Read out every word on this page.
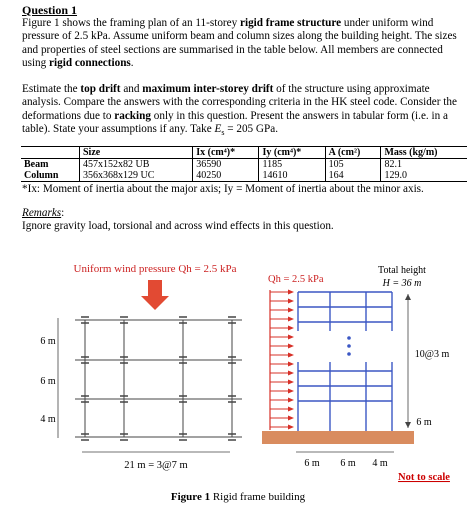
Question 1
Figure 1 shows the framing plan of an 11-storey rigid frame structure under uniform wind pressure of 2.5 kPa. Assume uniform beam and column sizes along the building height. The sizes and properties of steel sections are summarised in the table below. All members are connected using rigid connections.
Estimate the top drift and maximum inter-storey drift of the structure using approximate analysis. Compare the answers with the corresponding criteria in the HK steel code. Consider the deformations due to racking only in this question. Present the answers in tabular form (i.e. in a table). State your assumptions if any. Take $E_s = 205$ GPa.
	Size	Ix (cm⁴)*	Iy (cm⁴)*	A (cm²)	Mass (kg/m)
Beam	457x152x82 UB	36590	1185	105	82.1
Column	356x368x129 UC	40250	14610	164	129.0
*Ix: Moment of inertia about the major axis; Iy = Moment of inertia about the minor axis.
Remarks:
Ignore gravity load, torsional and across wind effects in this question.
Uniform wind pressure Qh = 2.5 kPa
6 m
6 m
4 m
21 m = 3@7 m
Qh = 2.5 kPa
Total height
H = 36 m
10@3 m
6 m
6 m 6 m 4 m
Not to scale
Figure 1 Rigid frame building
